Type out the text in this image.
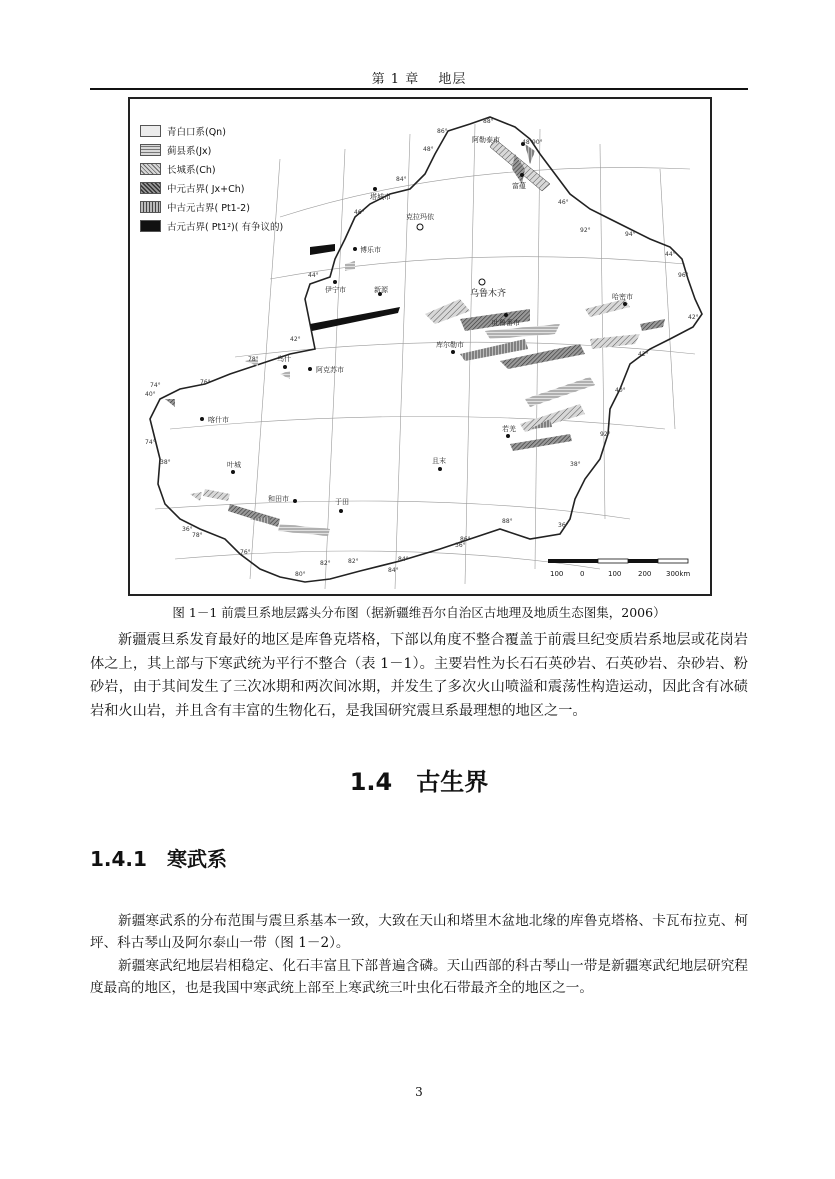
第 1 章　 地层
阿勒泰市
富蕴
塔城市
克拉玛依
博乐市
伊宁市	新源	乌鲁木齐
吐鲁番市
哈密市
库尔勒市
乌什
阿克苏市
喀什市
若羌
且末
叶城
和田市	于田
86°
88°
48°
48° 90°
84°
46°
46°
92°
94°
44°
96°
44°
42°
42°
42°
40°
40°
78°
74°	76°
74°
38°	38°
36°
78°
76°
80°
82°	84°
86°
88°
92°
36°
36°
84°
82°
100 0	100 200 300km
青白口系(Qn)
蓟县系(Jx)
长城系(Ch)
中元古界( Jx+Ch)
中古元古界( Pt1-2)
古元古界( Pt1²)( 有争议的)
图 1－1 前震旦系地层露头分布图（据新疆维吾尔自治区古地理及地质生态图集，2006）
新疆震旦系发育最好的地区是库鲁克塔格，下部以角度不整合覆盖于前震旦纪变质岩系地层或花岗岩体之上，其上部与下寒武统为平行不整合（表 1－1）。主要岩性为长石石英砂岩、石英砂岩、杂砂岩、粉砂岩，由于其间发生了三次冰期和两次间冰期，并发生了多次火山喷溢和震荡性构造运动，因此含有冰碛岩和火山岩，并且含有丰富的生物化石，是我国研究震旦系最理想的地区之一。
1.4　古生界
1.4.1　寒武系
新疆寒武系的分布范围与震旦系基本一致，大致在天山和塔里木盆地北缘的库鲁克塔格、卡瓦布拉克、柯坪、科古琴山及阿尔泰山一带（图 1－2）。
新疆寒武纪地层岩相稳定、化石丰富且下部普遍含磷。天山西部的科古琴山一带是新疆寒武纪地层研究程度最高的地区，也是我国中寒武统上部至上寒武统三叶虫化石带最齐全的地区之一。
3
